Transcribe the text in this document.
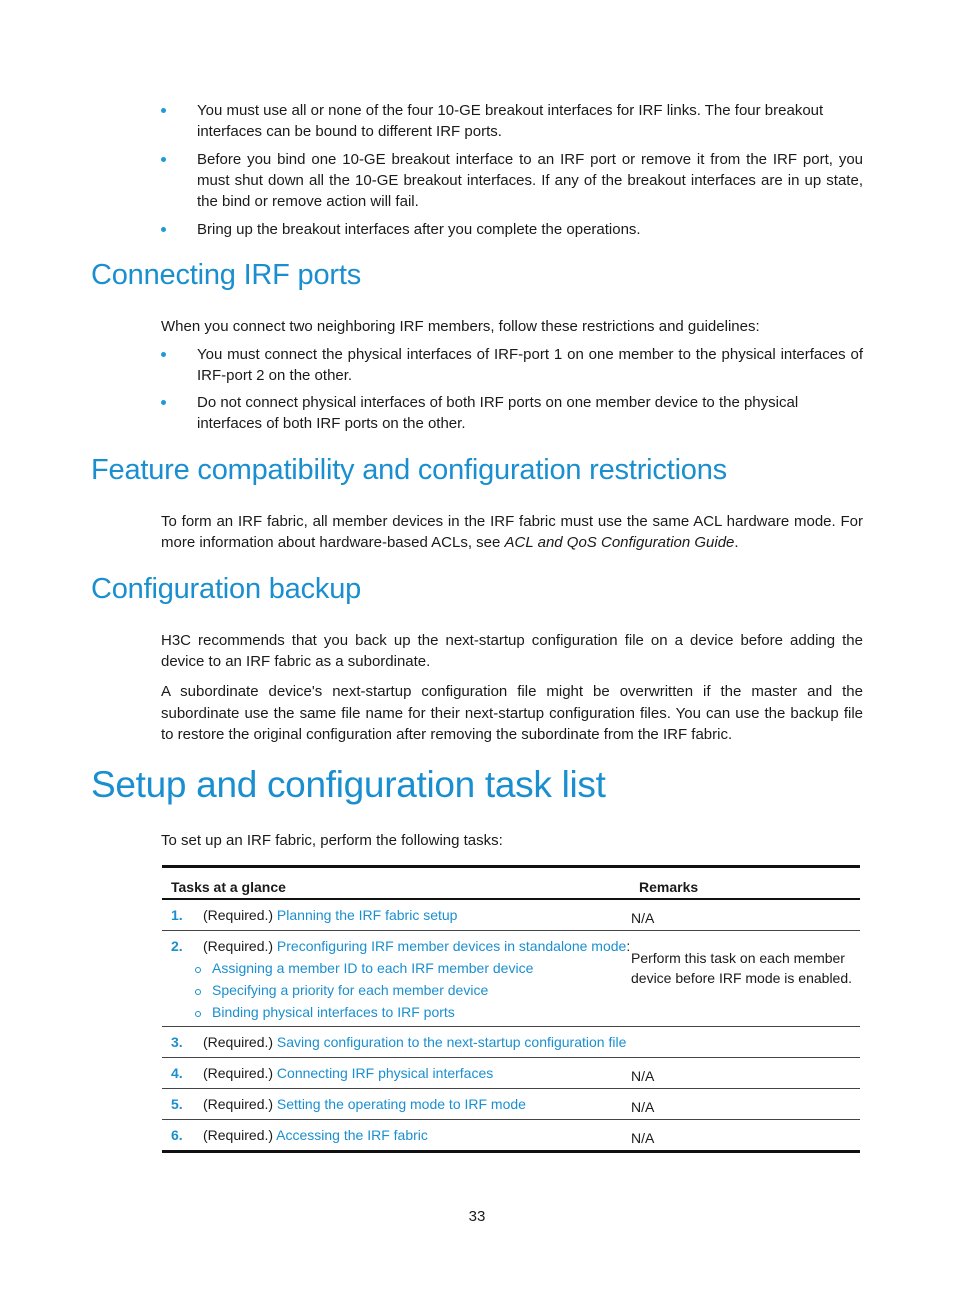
You must use all or none of the four 10-GE breakout interfaces for IRF links. The four breakout interfaces can be bound to different IRF ports.
Before you bind one 10-GE breakout interface to an IRF port or remove it from the IRF port, you must shut down all the 10-GE breakout interfaces. If any of the breakout interfaces are in up state, the bind or remove action will fail.
Bring up the breakout interfaces after you complete the operations.
Connecting IRF ports
When you connect two neighboring IRF members, follow these restrictions and guidelines:
You must connect the physical interfaces of IRF-port 1 on one member to the physical interfaces of IRF-port 2 on the other.
Do not connect physical interfaces of both IRF ports on one member device to the physical interfaces of both IRF ports on the other.
Feature compatibility and configuration restrictions
To form an IRF fabric, all member devices in the IRF fabric must use the same ACL hardware mode. For more information about hardware-based ACLs, see ACL and QoS Configuration Guide.
Configuration backup
H3C recommends that you back up the next-startup configuration file on a device before adding the device to an IRF fabric as a subordinate.
A subordinate device's next-startup configuration file might be overwritten if the master and the subordinate use the same file name for their next-startup configuration files. You can use the backup file to restore the original configuration after removing the subordinate from the IRF fabric.
Setup and configuration task list
To set up an IRF fabric, perform the following tasks:
Tasks at a glance	Remarks
1. (Required.) Planning the IRF fabric setup	N/A

2. (Required.) Preconfiguring IRF member devices in standalone mode:
Assigning a member ID to each IRF member device
Specifying a priority for each member device
Binding physical interfaces to IRF ports	Perform this task on each member device before IRF mode is enabled.
3. (Required.) Saving configuration to the next-startup configuration file	
4. (Required.) Connecting IRF physical interfaces	N/A
5. (Required.) Setting the operating mode to IRF mode	N/A
6. (Required.) Accessing the IRF fabric	N/A
33
